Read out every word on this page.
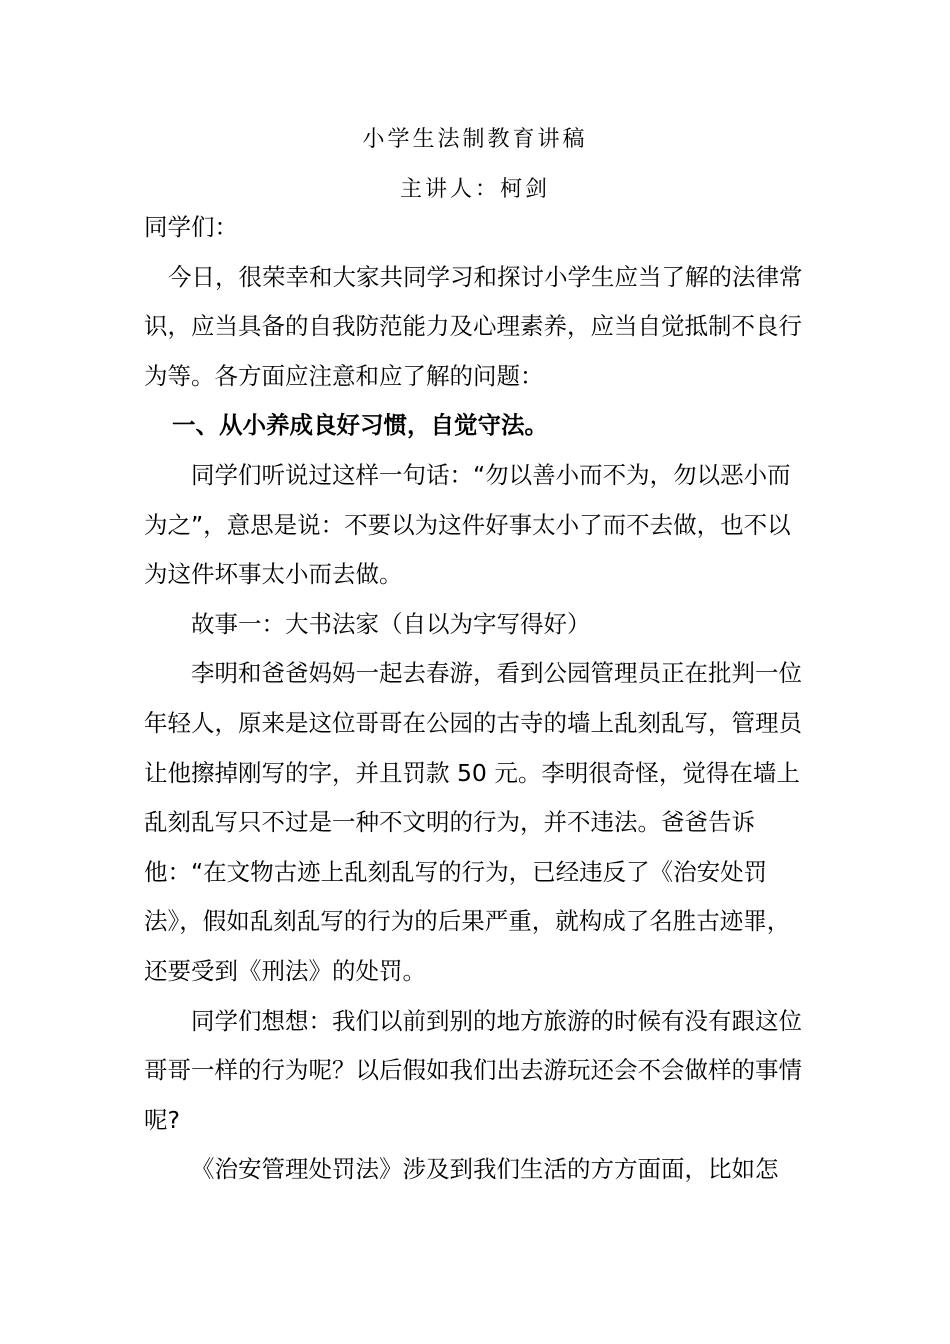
小学生法制教育讲稿
主讲人：柯剑

同学们：

今日，很荣幸和大家共同学习和探讨小学生应当了解的法律常识，应当具备的自我防范能力及心理素养，应当自觉抵制不良行为等。各方面应注意和应了解的问题：

一、从小养成良好习惯，自觉守法。

同学们听说过这样一句话：“勿以善小而不为，勿以恶小而为之”，意思是说：不要以为这件好事太小了而不去做，也不以为这件坏事太小而去做。

故事一：大书法家（自以为字写得好）

李明和爸爸妈妈一起去春游，看到公园管理员正在批判一位年轻人，原来是这位哥哥在公园的古寺的墙上乱刻乱写，管理员让他擦掉刚写的字，并且罚款 50 元。李明很奇怪，觉得在墙上乱刻乱写只不过是一种不文明的行为，并不违法。爸爸告诉他：“在文物古迹上乱刻乱写的行为，已经违反了《治安处罚法》，假如乱刻乱写的行为的后果严重，就构成了名胜古迹罪，还要受到《刑法》的处罚。

同学们想想：我们以前到别的地方旅游的时候有没有跟这位哥哥一样的行为呢？以后假如我们出去游玩还会不会做样的事情呢?

《治安管理处罚法》涉及到我们生活的方方面面，比如怎
